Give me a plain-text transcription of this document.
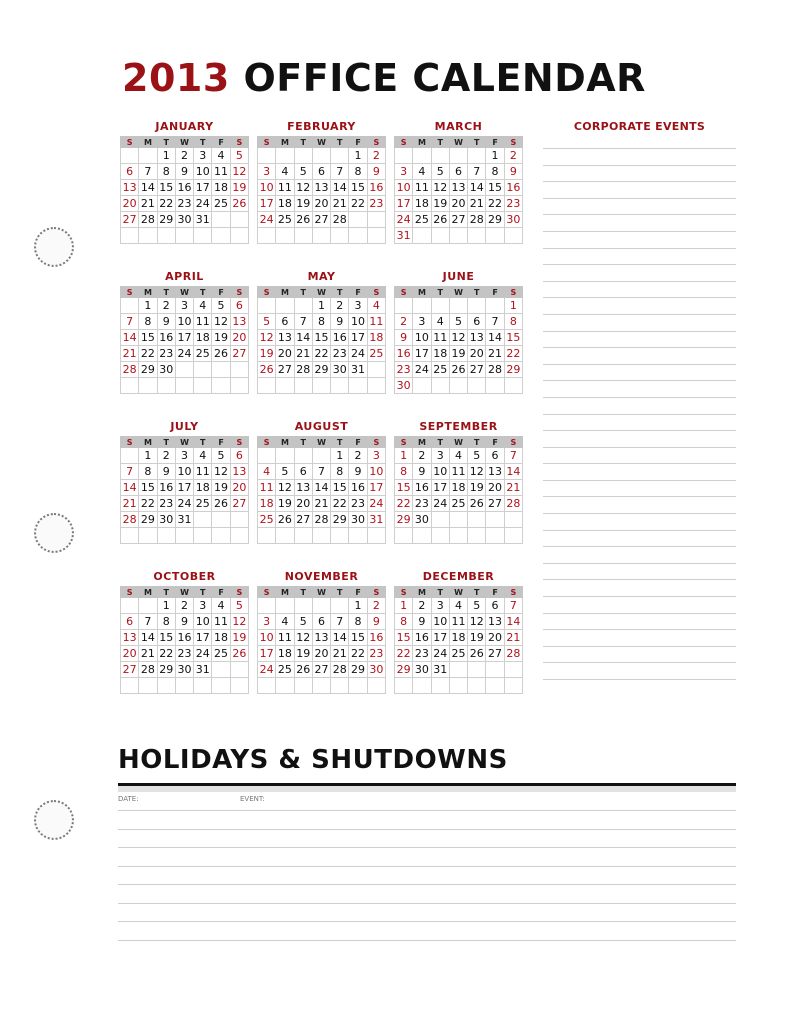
2013 OFFICE CALENDAR
JANUARY
S	M	T	W	T	F	S
		1	2	3	4	5
6	7	8	9	10	11	12
13	14	15	16	17	18	19
20	21	22	23	24	25	26
27	28	29	30	31		

FEBRUARY
S	M	T	W	T	F	S
					1	2
3	4	5	6	7	8	9
10	11	12	13	14	15	16
17	18	19	20	21	22	23
24	25	26	27	28		

MARCH
S	M	T	W	T	F	S
					1	2
3	4	5	6	7	8	9
10	11	12	13	14	15	16
17	18	19	20	21	22	23
24	25	26	27	28	29	30
31						
APRIL
S	M	T	W	T	F	S
	1	2	3	4	5	6
7	8	9	10	11	12	13
14	15	16	17	18	19	20
21	22	23	24	25	26	27
28	29	30				

MAY
S	M	T	W	T	F	S
			1	2	3	4
5	6	7	8	9	10	11
12	13	14	15	16	17	18
19	20	21	22	23	24	25
26	27	28	29	30	31	

JUNE
S	M	T	W	T	F	S
						1
2	3	4	5	6	7	8
9	10	11	12	13	14	15
16	17	18	19	20	21	22
23	24	25	26	27	28	29
30						
JULY
S	M	T	W	T	F	S
	1	2	3	4	5	6
7	8	9	10	11	12	13
14	15	16	17	18	19	20
21	22	23	24	25	26	27
28	29	30	31			

AUGUST
S	M	T	W	T	F	S
				1	2	3
4	5	6	7	8	9	10
11	12	13	14	15	16	17
18	19	20	21	22	23	24
25	26	27	28	29	30	31

SEPTEMBER
S	M	T	W	T	F	S
1	2	3	4	5	6	7
8	9	10	11	12	13	14
15	16	17	18	19	20	21
22	23	24	25	26	27	28
29	30					

OCTOBER
S	M	T	W	T	F	S
		1	2	3	4	5
6	7	8	9	10	11	12
13	14	15	16	17	18	19
20	21	22	23	24	25	26
27	28	29	30	31		

NOVEMBER
S	M	T	W	T	F	S
					1	2
3	4	5	6	7	8	9
10	11	12	13	14	15	16
17	18	19	20	21	22	23
24	25	26	27	28	29	30

DECEMBER
S	M	T	W	T	F	S
1	2	3	4	5	6	7
8	9	10	11	12	13	14
15	16	17	18	19	20	21
22	23	24	25	26	27	28
29	30	31				

CORPORATE EVENTS
HOLIDAYS & SHUTDOWNS
DATE:	EVENT:
